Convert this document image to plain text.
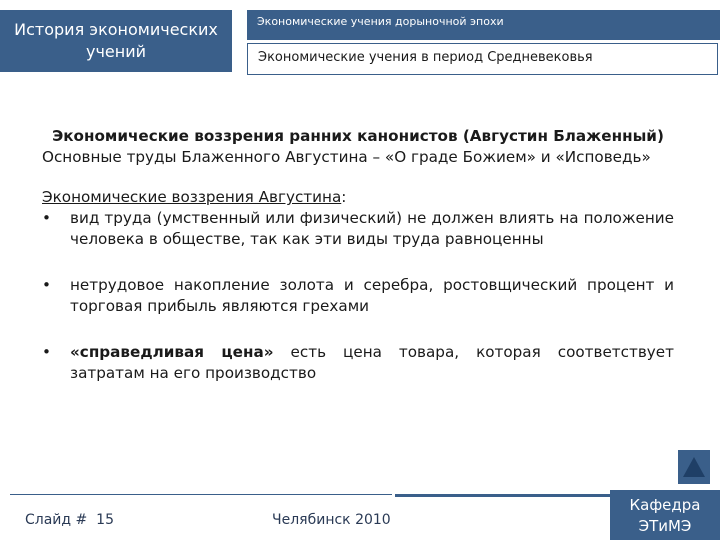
История экономических учений
Экономические учения дорыночной эпохи
Экономические учения в период Средневековья
Экономические воззрения ранних канонистов (Августин Блаженный)
Основные труды Блаженного Августина – «О граде Божием» и «Исповедь»
Экономические воззрения Августина:
• вид труда (умственный или физический) не должен влиять на положение человека в обществе, так как эти виды труда равноценны
• нетрудовое накопление золота и серебра, ростовщический процент и торговая прибыль являются грехами
• «справедливая цена» есть цена товара, которая соответствует затратам на его производство
Слайд # 15	Челябинск 2010
Кафедра
ЭТиМЭ
